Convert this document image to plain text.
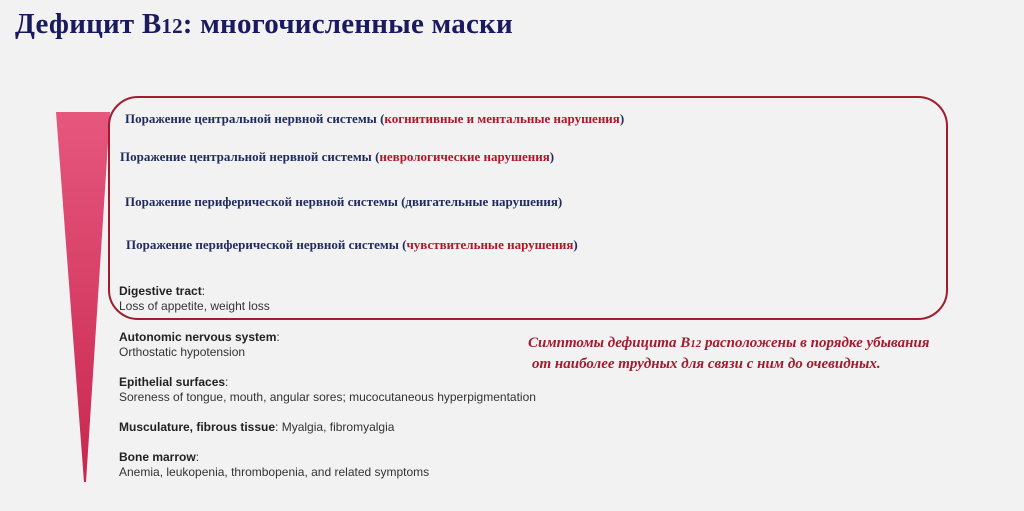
Дефицит B12: многочисленные маски
Поражение центральной нервной системы (когнитивные и ментальные нарушения)
Поражение центральной нервной системы (неврологические нарушения)
Поражение периферической нервной системы (двигательные нарушения)
Поражение периферической нервной системы (чувствительные нарушения)
Digestive tract:
Loss of appetite, weight loss
Autonomic nervous system:
Orthostatic hypotension
Epithelial surfaces:
Soreness of tongue, mouth, angular sores; mucocutaneous hyperpigmentation
Musculature, fibrous tissue: Myalgia, fibromyalgia
Bone marrow:
Anemia, leukopenia, thrombopenia, and related symptoms
Симптомы дефицита B12 расположены в порядке убывания
от наиболее трудных для связи с ним до очевидных.
